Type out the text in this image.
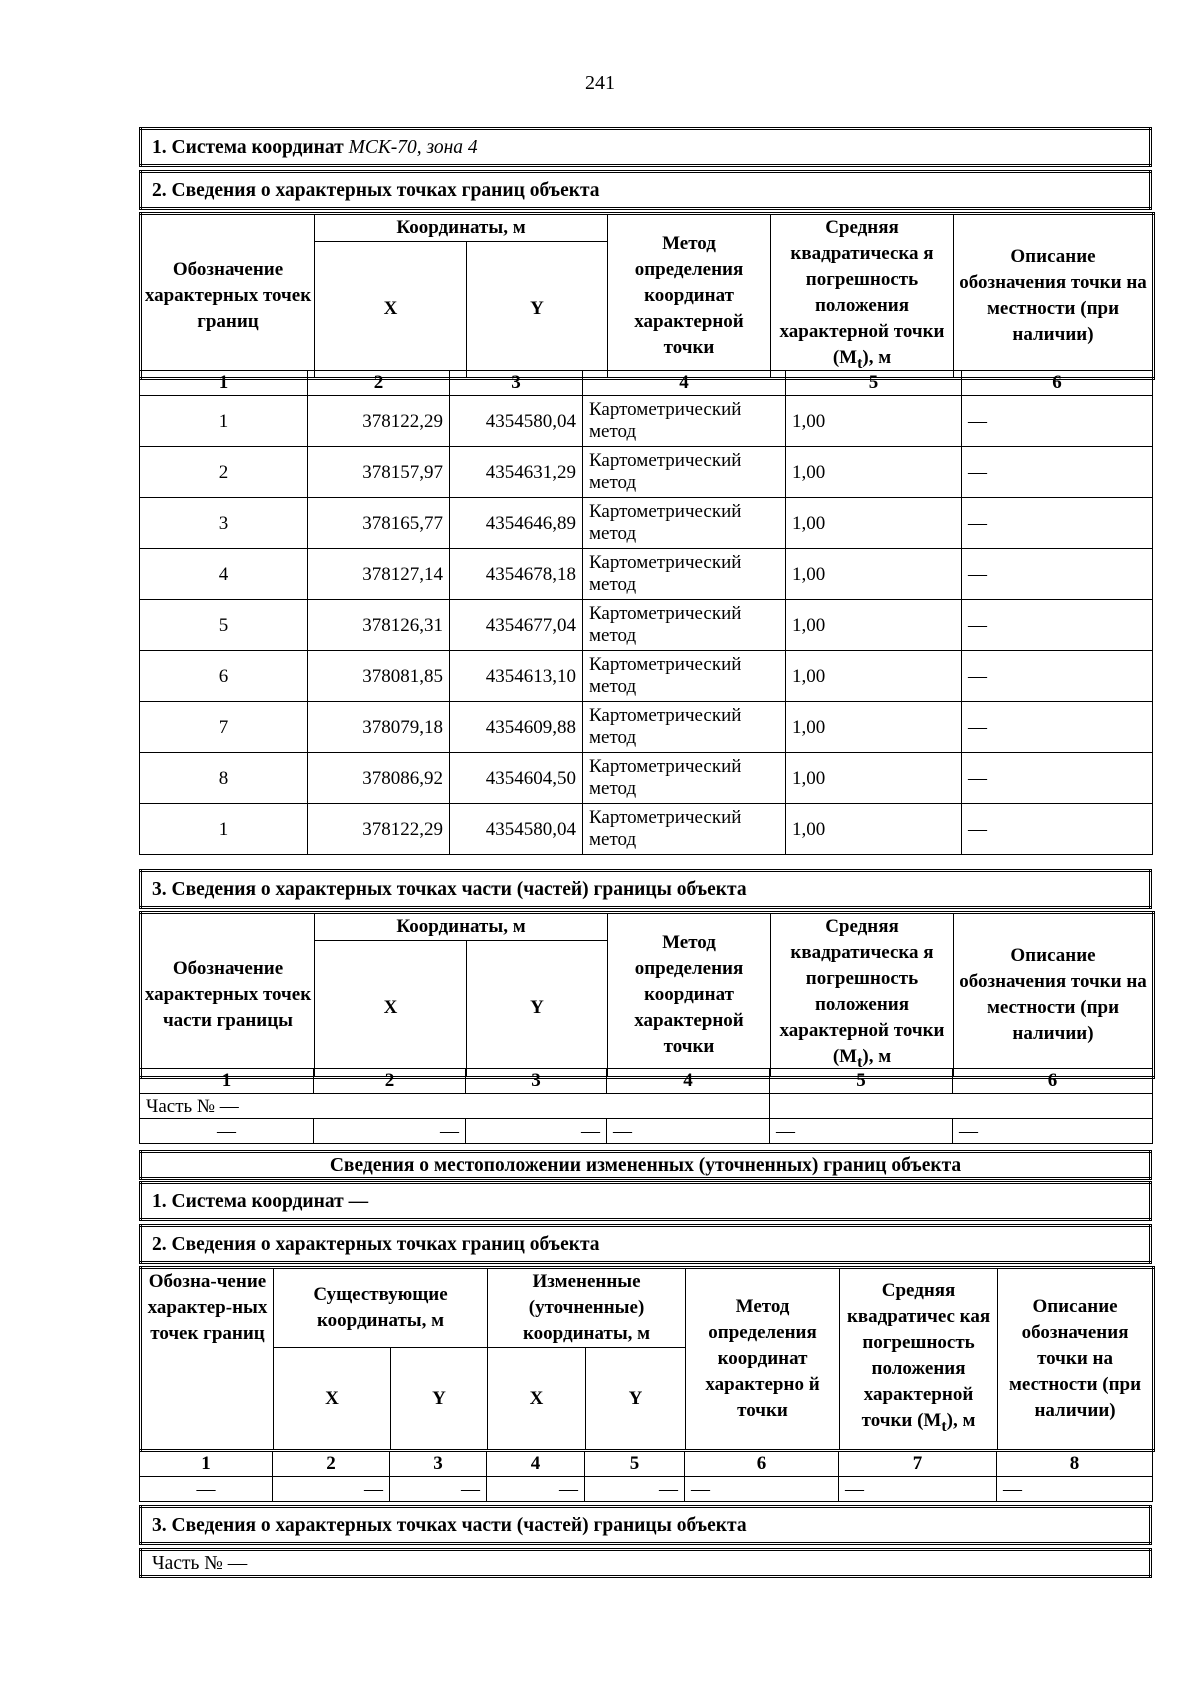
241
1. Система координат МСК-70, зона 4
2. Сведения о характерных точках границ объекта
Обозначение характерных точек границ	Координаты, м		Метод определения координат характерной точки	Средняя квадратическа я погрешность положения характерной точки $(M_t)$, м	Описание обозначения точки на местности (при наличии)
	X	Y			
1	2	3	4	5	6
1	378122,29	4354580,04	Картометрический метод	1,00	—
2	378157,97	4354631,29	Картометрический метод	1,00	—
3	378165,77	4354646,89	Картометрический метод	1,00	—
4	378127,14	4354678,18	Картометрический метод	1,00	—
5	378126,31	4354677,04	Картометрический метод	1,00	—
6	378081,85	4354613,10	Картометрический метод	1,00	—
7	378079,18	4354609,88	Картометрический метод	1,00	—
8	378086,92	4354604,50	Картометрический метод	1,00	—
1	378122,29	4354580,04	Картометрический метод	1,00	—
3. Сведения о характерных точках части (частей) границы объекта
Обозначение характерных точек части границы	Координаты, м		Метод определения координат характерной точки	Средняя квадратическа я погрешность положения характерной точки $(M_t)$, м	Описание обозначения точки на местности (при наличии)
	X	Y			
1	2	3	4	5	6
Часть № —					
—	—	—	—	—	—
Сведения о местоположении измененных (уточненных) границ объекта
1. Система координат —
2. Сведения о характерных точках границ объекта
Обозна-чение характер-ных точек границ	Существующие координаты, м		Измененные (уточненные) координаты, м		Метод определения координат характерно й точки	Средняя квадратичес кая погрешность положения характерной точки $(M_t)$, м	Описание обозначения точки на местности (при наличии)
	X	Y	X	Y			
1	2	3	4	5	6	7	8
—	—	—	—	—	—	—	—
3. Сведения о характерных точках части (частей) границы объекта
Часть № —
